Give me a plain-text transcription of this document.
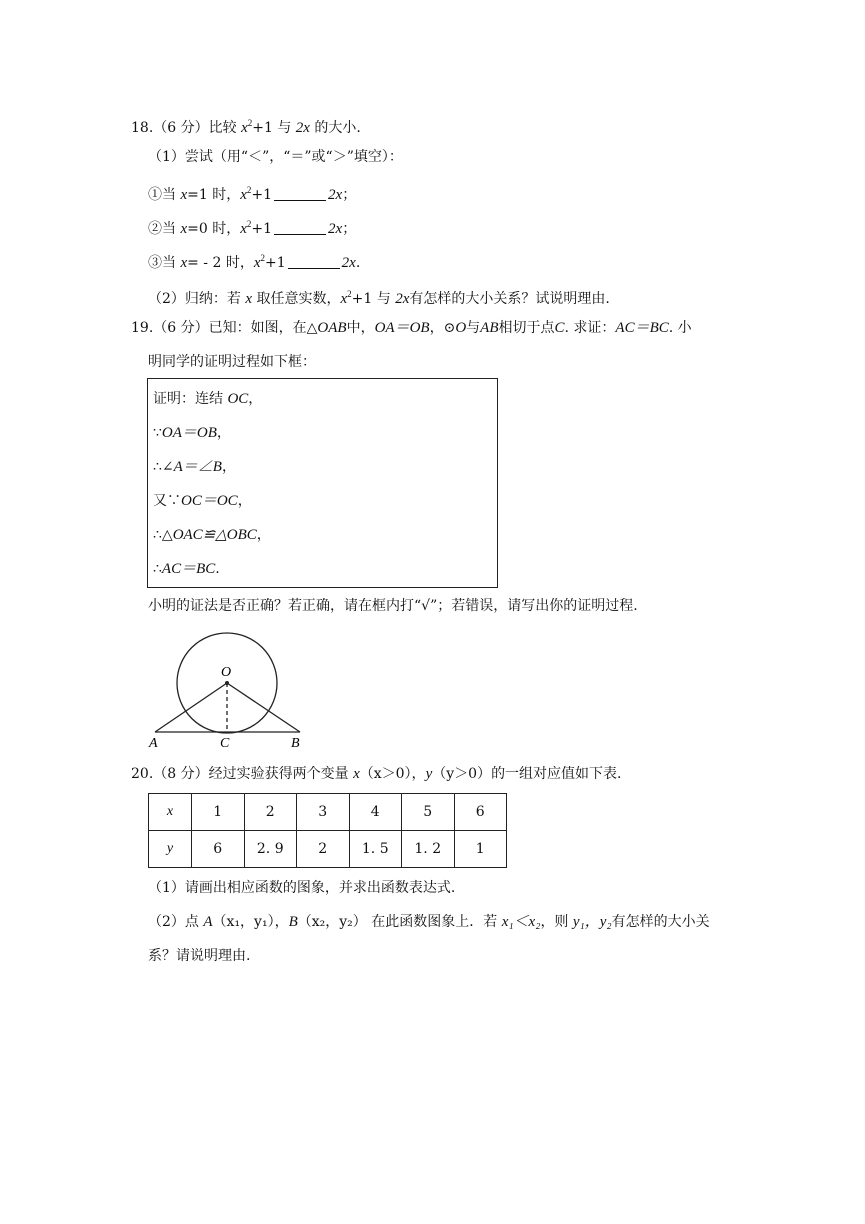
18.（6 分）比较 $x^2+1$ 与 2x 的大小.
（1）尝试（用“＜”，“＝”或“＞”填空）：
①当 x=1 时，$x^2+1$	2x；
②当 x=0 时，$x^2+1$	2x；
③当 x= - 2 时，$x^2+1$	2x.
（2）归纳：若 x 取任意实数，$x^2+1$ 与 2x有怎样的大小关系？试说明理由.
19.（6 分）已知：如图，在△OAB中，OA＝OB，⊙O与AB相切于点C. 求证：AC＝BC. 小
明同学的证明过程如下框：
证明：连结 OC，
∵OA＝OB，
∴∠A＝∠B，
又∵OC＝OC，
∴△OAC≌△OBC，
∴AC＝BC.
小明的证法是否正确？若正确，请在框内打“√”；若错误，请写出你的证明过程.
O
A	C	B
20.（8 分）经过实验获得两个变量 x（x＞0），y（y＞0）的一组对应值如下表.
x	1	2	3	4	5	6
y	6	2. 9	2	1. 5	1. 2	1
（1）请画出相应函数的图象，并求出函数表达式.
（2）点 A（x₁，y₁），B（x₂，y₂） 在此函数图象上．若 x₁＜x₂，则 y₁，y₂有怎样的大小关
系？请说明理由.
